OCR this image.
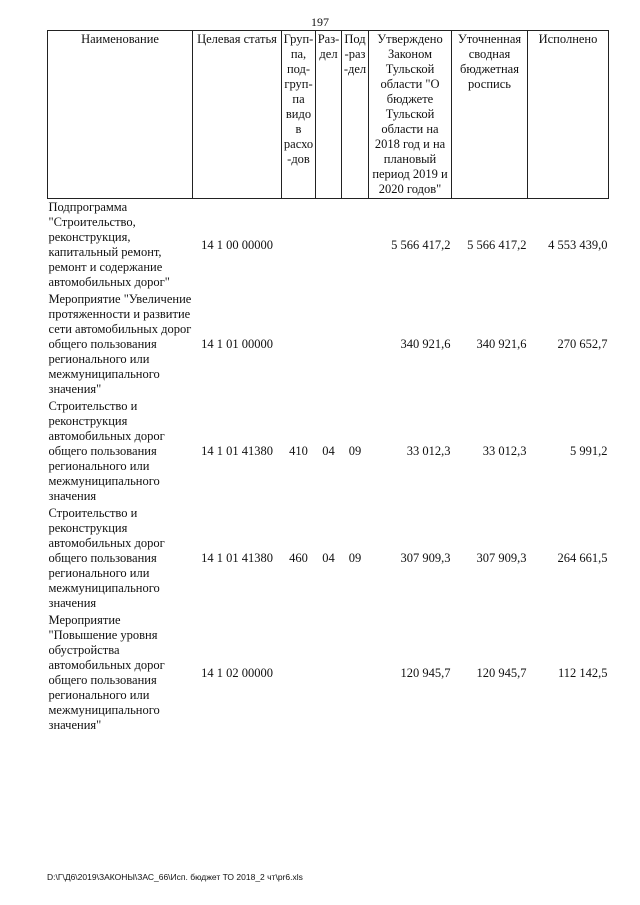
197
Наименование	Целевая статья	Груп-па, под-груп-па видов расхо-дов	Раз-дел	Под-раз-дел	Утверждено Законом Тульской области "О бюджете Тульской области на 2018 год и на плановый период 2019 и 2020 годов"	Уточненная сводная бюджетная роспись	Исполнено
Подпрограмма "Строительство, реконструкция, капитальный ремонт, ремонт и содержание автомобильных дорог"	14 1 00 00000				5 566 417,2	5 566 417,2	4 553 439,0
Мероприятие "Увеличение протяженности и развитие сети автомобильных дорог общего пользования регионального или межмуниципального значения"	14 1 01 00000				340 921,6	340 921,6	270 652,7
Строительство и реконструкция автомобильных дорог общего пользования регионального или межмуниципального значения	14 1 01 41380	410	04	09	33 012,3	33 012,3	5 991,2
Строительство и реконструкция автомобильных дорог общего пользования регионального или межмуниципального значения	14 1 01 41380	460	04	09	307 909,3	307 909,3	264 661,5
Мероприятие "Повышение уровня обустройства автомобильных дорог общего пользования регионального или межмуниципального значения"	14 1 02 00000				120 945,7	120 945,7	112 142,5
D:\Г\Д6\2019\ЗАКОНЫ\ЗАС_66\Исп. бюджет ТО 2018_2 чт\pr6.xls
